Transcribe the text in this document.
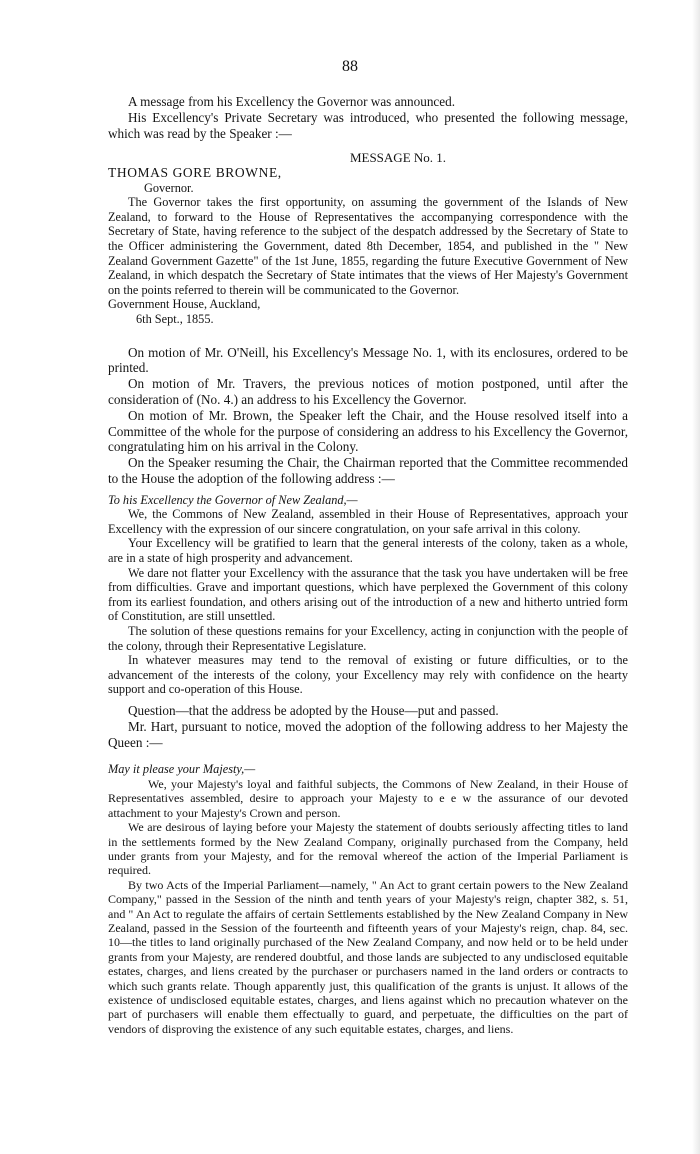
88

A message from his Excellency the Governor was announced.

His Excellency's Private Secretary was introduced, who presented the following message, which was read by the Speaker :—

MESSAGE No. 1.

THOMAS GORE BROWNE,

Governor.

The Governor takes the first opportunity, on assuming the government of the Islands of New Zealand, to forward to the House of Representatives the accompanying correspondence with the Secretary of State, having reference to the subject of the despatch addressed by the Secretary of State to the Officer administering the Government, dated 8th December, 1854, and published in the " New Zealand Government Gazette" of the 1st June, 1855, regarding the future Executive Government of New Zealand, in which despatch the Secretary of State intimates that the views of Her Majesty's Government on the points referred to therein will be communicated to the Governor.

Government House, Auckland,

6th Sept., 1855.

On motion of Mr. O'Neill, his Excellency's Message No. 1, with its enclosures, ordered to be printed.

On motion of Mr. Travers, the previous notices of motion postponed, until after the consideration of (No. 4.) an address to his Excellency the Governor.

On motion of Mr. Brown, the Speaker left the Chair, and the House resolved itself into a Committee of the whole for the purpose of considering an address to his Excellency the Governor, congratulating him on his arrival in the Colony.

On the Speaker resuming the Chair, the Chairman reported that the Committee recommended to the House the adoption of the following address :—

To his Excellency the Governor of New Zealand,—

We, the Commons of New Zealand, assembled in their House of Representatives, approach your Excellency with the expression of our sincere congratulation, on your safe arrival in this colony.

Your Excellency will be gratified to learn that the general interests of the colony, taken as a whole, are in a state of high prosperity and advancement.

We dare not flatter your Excellency with the assurance that the task you have undertaken will be free from difficulties. Grave and important questions, which have perplexed the Government of this colony from its earliest foundation, and others arising out of the introduction of a new and hitherto untried form of Constitution, are still unsettled.

The solution of these questions remains for your Excellency, acting in conjunction with the people of the colony, through their Representative Legislature.

In whatever measures may tend to the removal of existing or future difficulties, or to the advancement of the interests of the colony, your Excellency may rely with confidence on the hearty support and co-operation of this House.

Question—that the address be adopted by the House—put and passed.

Mr. Hart, pursuant to notice, moved the adoption of the following address to her Majesty the Queen :—

May it please your Majesty,—

We, your Majesty's loyal and faithful subjects, the Commons of New Zealand, in their House of Representatives assembled, desire to approach your Majesty to e e w the assurance of our devoted attachment to your Majesty's Crown and person.

We are desirous of laying before your Majesty the statement of doubts seriously affecting titles to land in the settlements formed by the New Zealand Company, originally purchased from the Company, held under grants from your Majesty, and for the removal whereof the action of the Imperial Parliament is required.

By two Acts of the Imperial Parliament—namely, " An Act to grant certain powers to the New Zealand Company," passed in the Session of the ninth and tenth years of your Majesty's reign, chapter 382, s. 51, and " An Act to regulate the affairs of certain Settlements established by the New Zealand Company in New Zealand, passed in the Session of the fourteenth and fifteenth years of your Majesty's reign, chap. 84, sec. 10—the titles to land originally purchased of the New Zealand Company, and now held or to be held under grants from your Majesty, are rendered doubtful, and those lands are subjected to any undisclosed equitable estates, charges, and liens created by the purchaser or purchasers named in the land orders or contracts to which such grants relate. Though apparently just, this qualification of the grants is unjust. It allows of the existence of undisclosed equitable estates, charges, and liens against which no precaution whatever on the part of purchasers will enable them effectually to guard, and perpetuate, the difficulties on the part of vendors of disproving the existence of any such equitable estates, charges, and liens.
